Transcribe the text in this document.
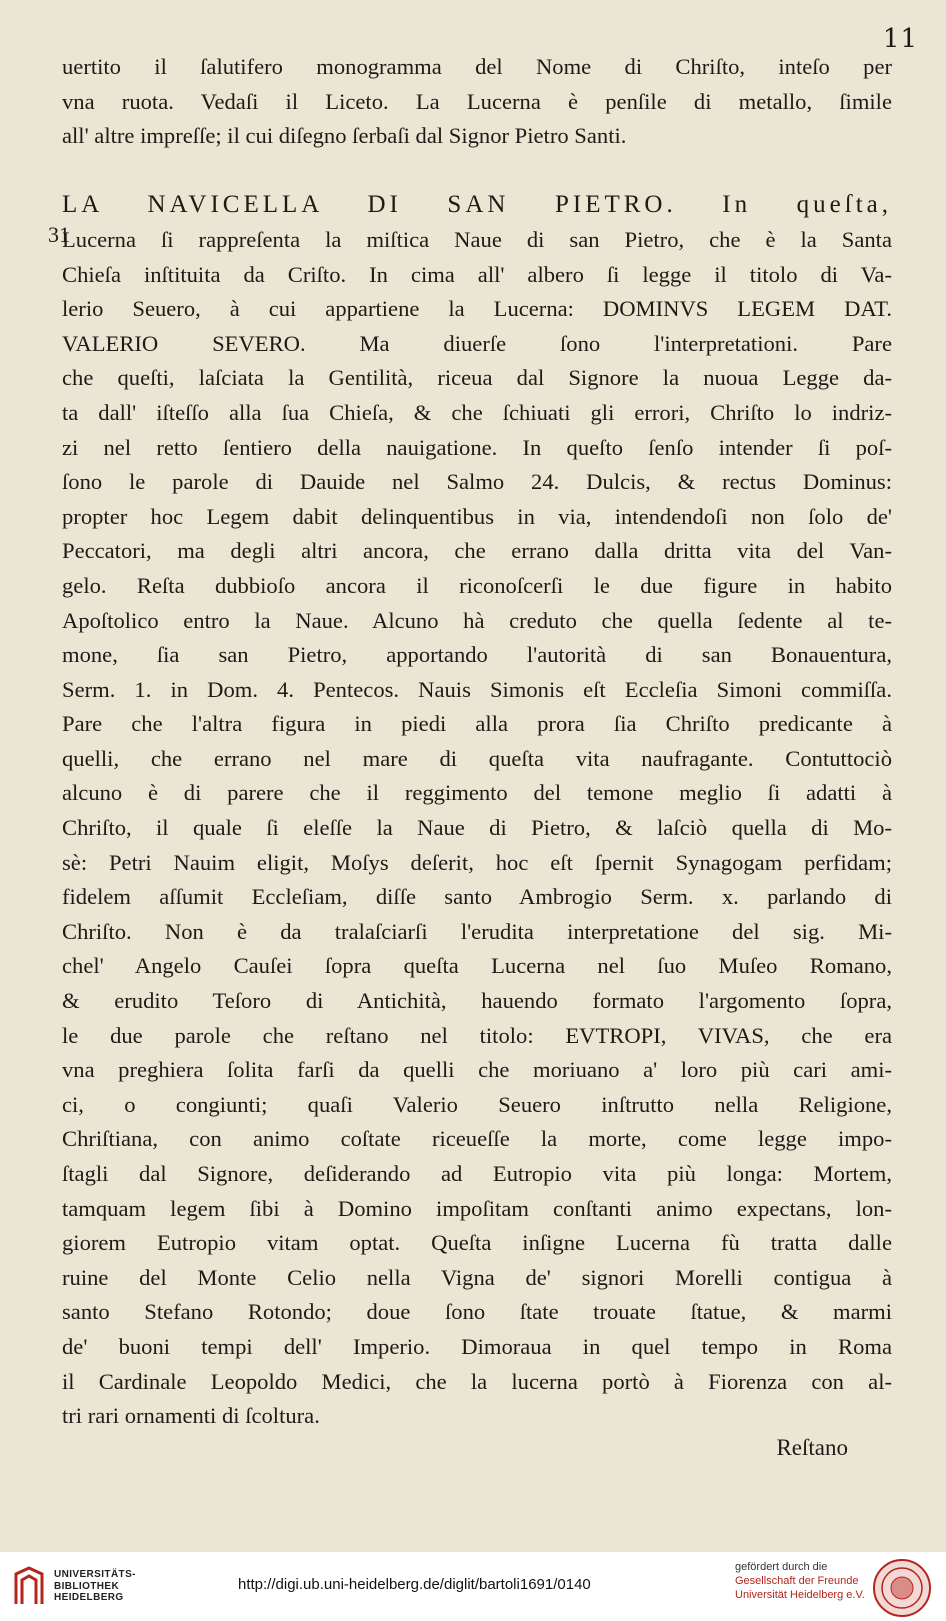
11
31
uertito il ſalutifero monogramma del Nome di Chriſto, inteſo per
vna ruota. Vedaſi il Liceto. La Lucerna è penſile di metallo, ſimile
all' altre impreſſe; il cui diſegno ſerbaſi dal Signor Pietro Santi.

LA NAVICELLA DI SAN PIETRO. In queſta,
Lucerna ſi rappreſenta la miſtica Naue di san Pietro, che è la Santa
Chieſa inſtituita da Criſto. In cima all' albero ſi legge il titolo di Va-
lerio Seuero, à cui appartiene la Lucerna: DOMINVS LEGEM DAT.
VALERIO SEVERO. Ma diuerſe ſono l'interpretationi. Pare
che queſti, laſciata la Gentilità, riceua dal Signore la nuoua Legge da-
ta dall' iſteſſo alla ſua Chieſa, & che ſchiuati gli errori, Chriſto lo indriz-
zi nel retto ſentiero della nauigatione. In queſto ſenſo intender ſi poſ-
ſono le parole di Dauide nel Salmo 24. Dulcis, & rectus Dominus:
propter hoc Legem dabit delinquentibus in via, intendendoſi non ſolo de'
Peccatori, ma degli altri ancora, che errano dalla dritta vita del Van-
gelo. Reſta dubbioſo ancora il riconoſcerſi le due figure in habito
Apoſtolico entro la Naue. Alcuno hà creduto che quella ſedente al te-
mone, ſia san Pietro, apportando l'autorità di san Bonauentura,
Serm. 1. in Dom. 4. Pentecos. Nauis Simonis eſt Eccleſia Simoni commiſſa.
Pare che l'altra figura in piedi alla prora ſia Chriſto predicante à
quelli, che errano nel mare di queſta vita naufragante. Contuttociò
alcuno è di parere che il reggimento del temone meglio ſi adatti à
Chriſto, il quale ſi eleſſe la Naue di Pietro, & laſciò quella di Mo-
sè: Petri Nauim eligit, Moſys deſerit, hoc eſt ſpernit Synagogam perfidam;
fidelem aſſumit Eccleſiam, diſſe santo Ambrogio Serm. x. parlando di
Chriſto. Non è da tralaſciarſi l'erudita interpretatione del sig. Mi-
chel' Angelo Cauſei ſopra queſta Lucerna nel ſuo Muſeo Romano,
& erudito Teſoro di Antichità, hauendo formato l'argomento ſopra,
le due parole che reſtano nel titolo: EVTROPI, VIVAS, che era
vna preghiera ſolita farſi da quelli che moriuano a' loro più cari ami-
ci, o congiunti; quaſi Valerio Seuero inſtrutto nella Religione,
Chriſtiana, con animo coſtate riceueſſe la morte, come legge impo-
ſtagli dal Signore, deſiderando ad Eutropio vita più longa: Mortem,
tamquam legem ſibi à Domino impoſitam conſtanti animo expectans, lon-
giorem Eutropio vitam optat. Queſta inſigne Lucerna fù tratta dalle
ruine del Monte Celio nella Vigna de' signori Morelli contigua à
santo Stefano Rotondo; doue ſono ſtate trouate ſtatue, & marmi
de' buoni tempi dell' Imperio. Dimoraua in quel tempo in Roma
il Cardinale Leopoldo Medici, che la lucerna portò à Fiorenza con al-
tri rari ornamenti di ſcoltura.
Reſtano
UNIVERSITÄTS-
BIBLIOTHEK
HEIDELBERG
http://digi.ub.uni-heidelberg.de/diglit/bartoli1691/0140
gefördert durch die
Gesellschaft der Freunde
Universität Heidelberg e.V.
